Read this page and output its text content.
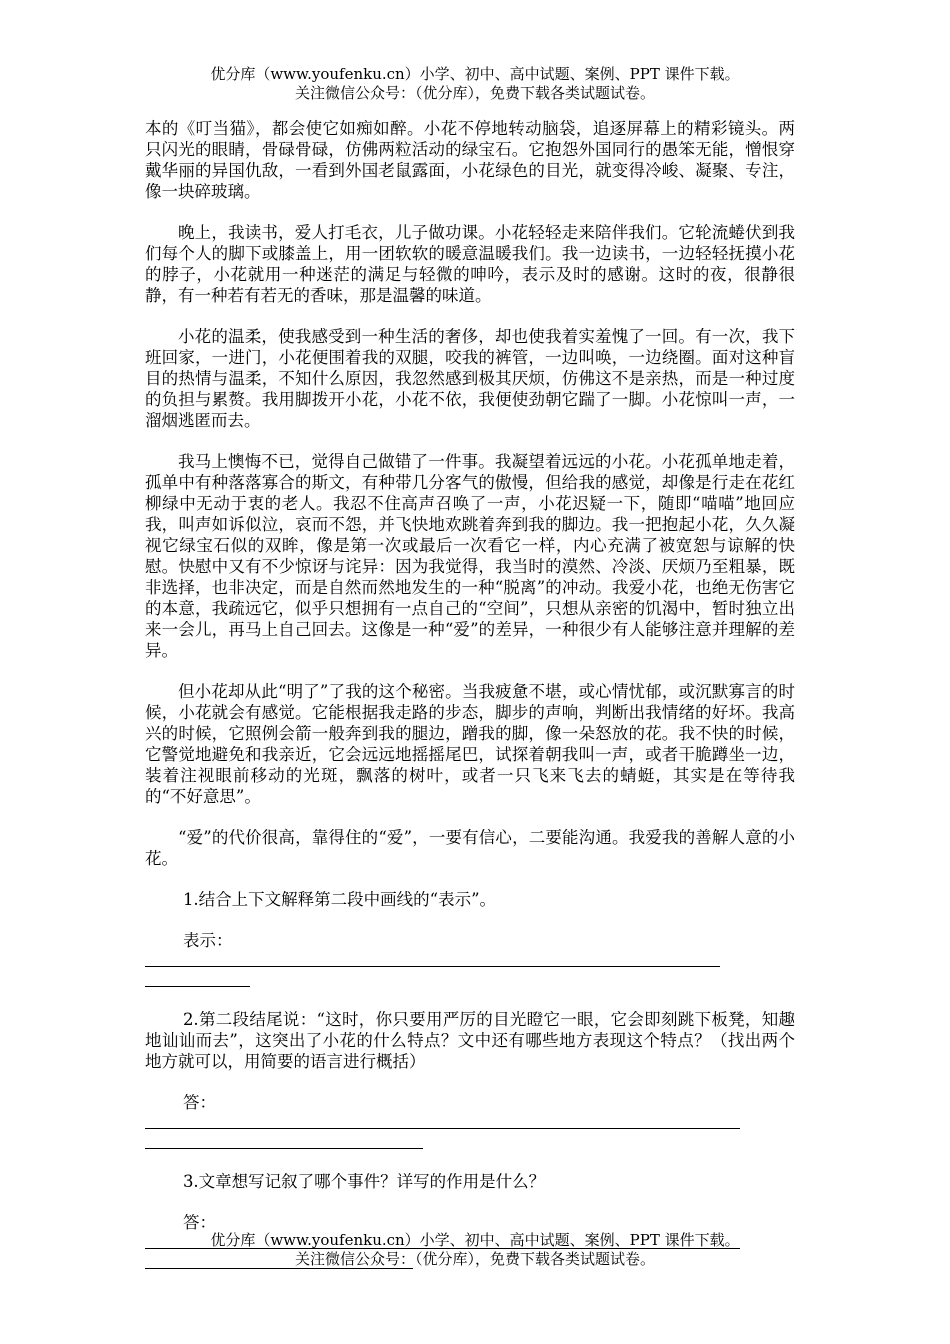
优分库（www.youfenku.cn）小学、初中、高中试题、案例、PPT 课件下载。
关注微信公众号：（优分库），免费下载各类试题试卷。

本的《叮当猫》，都会使它如痴如醉。小花不停地转动脑袋，追逐屏幕上的精彩镜头。两只闪光的眼睛，骨碌骨碌，仿佛两粒活动的绿宝石。它抱怨外国同行的愚笨无能，憎恨穿戴华丽的异国仇敌，一看到外国老鼠露面，小花绿色的目光，就变得冷峻、凝聚、专注，像一块碎玻璃。

晚上，我读书，爱人打毛衣，儿子做功课。小花轻轻走来陪伴我们。它轮流蜷伏到我们每个人的脚下或膝盖上，用一团软软的暖意温暖我们。我一边读书，一边轻轻抚摸小花的脖子，小花就用一种迷茫的满足与轻微的呻吟，表示及时的感谢。这时的夜，很静很静，有一种若有若无的香味，那是温馨的味道。

小花的温柔，使我感受到一种生活的奢侈，却也使我着实羞愧了一回。有一次，我下班回家，一进门，小花便围着我的双腿，咬我的裤管，一边叫唤，一边绕圈。面对这种盲目的热情与温柔，不知什么原因，我忽然感到极其厌烦，仿佛这不是亲热，而是一种过度的负担与累赘。我用脚拨开小花，小花不依，我便使劲朝它踹了一脚。小花惊叫一声，一溜烟逃匿而去。

我马上懊悔不已，觉得自己做错了一件事。我凝望着远远的小花。小花孤单地走着，孤单中有种落落寡合的斯文，有种带几分客气的傲慢，但给我的感觉，却像是行走在花红柳绿中无动于衷的老人。我忍不住高声召唤了一声，小花迟疑一下，随即“喵喵”地回应我，叫声如诉似泣，哀而不怨，并飞快地欢跳着奔到我的脚边。我一把抱起小花，久久凝视它绿宝石似的双眸，像是第一次或最后一次看它一样，内心充满了被宽恕与谅解的快慰。快慰中又有不少惊讶与诧异：因为我觉得，我当时的漠然、冷淡、厌烦乃至粗暴，既非选择，也非决定，而是自然而然地发生的一种“脱离”的冲动。我爱小花，也绝无伤害它的本意，我疏远它，似乎只想拥有一点自己的“空间”，只想从亲密的饥渴中，暂时独立出来一会儿，再马上自己回去。这像是一种“爱”的差异，一种很少有人能够注意并理解的差异。

但小花却从此“明了”了我的这个秘密。当我疲惫不堪，或心情忧郁，或沉默寡言的时候，小花就会有感觉。它能根据我走路的步态，脚步的声响，判断出我情绪的好坏。我高兴的时候，它照例会箭一般奔到我的腿边，蹭我的脚，像一朵怒放的花。我不快的时候，它警觉地避免和我亲近，它会远远地摇摇尾巴，试探着朝我叫一声，或者干脆蹲坐一边，装着注视眼前移动的光斑，飘落的树叶，或者一只飞来飞去的蜻蜓，其实是在等待我的“不好意思”。

“爱”的代价很高，靠得住的“爱”，一要有信心，二要能沟通。我爱我的善解人意的小花。

1.结合上下文解释第二段中画线的“表示”。

表示：

2.第二段结尾说：“这时，你只要用严厉的目光瞪它一眼，它会即刻跳下板凳，知趣地讪讪而去”，这突出了小花的什么特点？文中还有哪些地方表现这个特点？（找出两个地方就可以，用简要的语言进行概括）

答：

3.文章想写记叙了哪个事件？详写的作用是什么？

答：
优分库（www.youfenku.cn）小学、初中、高中试题、案例、PPT 课件下载。
关注微信公众号：（优分库），免费下载各类试题试卷。
